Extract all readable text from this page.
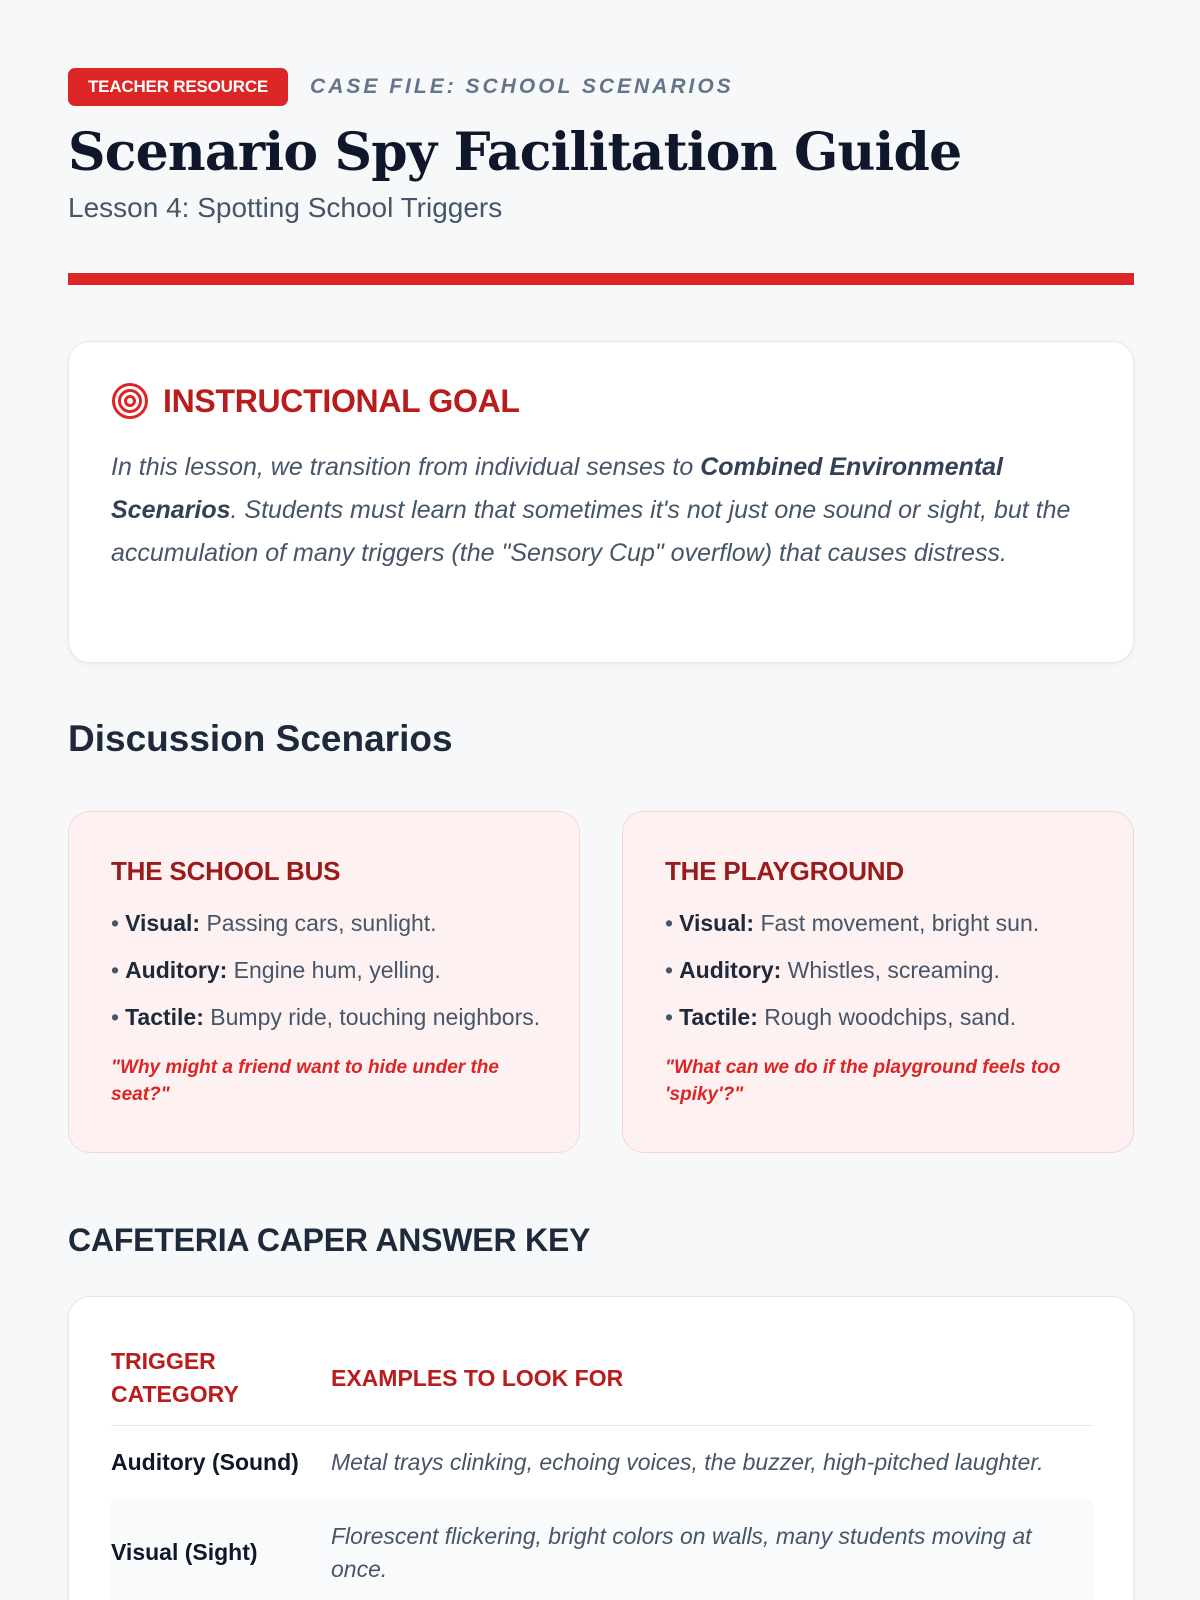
TEACHER RESOURCE	CASE FILE: SCHOOL SCENARIOS
Scenario Spy Facilitation Guide
Lesson 4: Spotting School Triggers
INSTRUCTIONAL GOAL

In this lesson, we transition from individual senses to Combined Environmental Scenarios. Students must learn that sometimes it's not just one sound or sight, but the accumulation of many triggers (the "Sensory Cup" overflow) that causes distress.

Discussion Scenarios
THE SCHOOL BUS
• Visual: Passing cars, sunlight.
• Auditory: Engine hum, yelling.
• Tactile: Bumpy ride, touching neighbors.

"Why might a friend want to hide under the seat?"

THE PLAYGROUND
• Visual: Fast movement, bright sun.
• Auditory: Whistles, screaming.
• Tactile: Rough woodchips, sand.

"What can we do if the playground feels too 'spiky'?"

CAFETERIA CAPER ANSWER KEY
TRIGGER CATEGORY	EXAMPLES TO LOOK FOR
Auditory (Sound)	Metal trays clinking, echoing voices, the buzzer, high-pitched laughter.
Visual (Sight)	Florescent flickering, bright colors on walls, many students moving at once.
